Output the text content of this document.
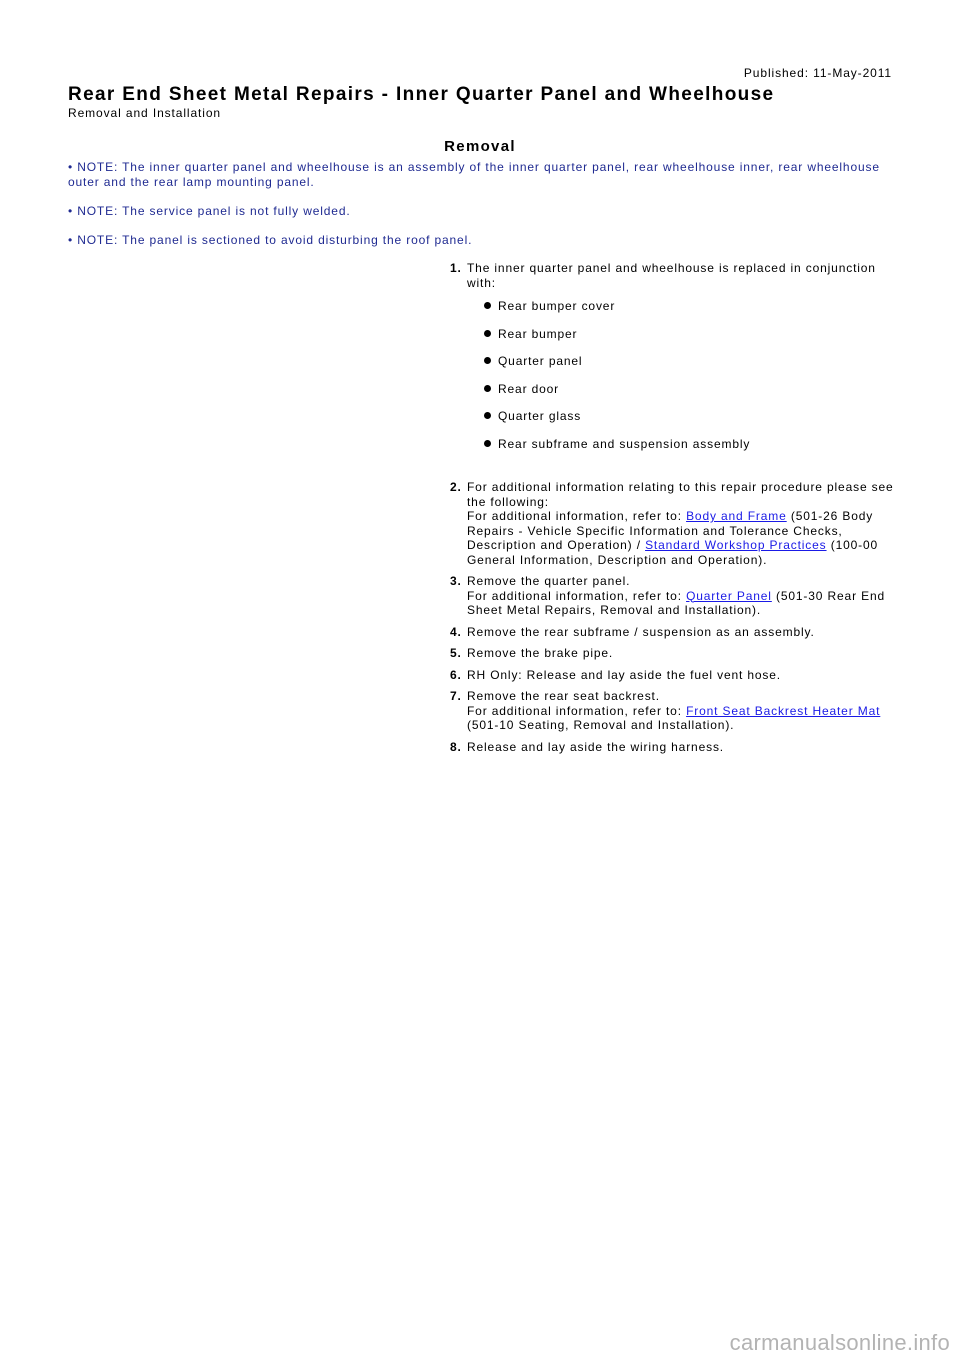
Published: 11-May-2011
Rear End Sheet Metal Repairs - Inner Quarter Panel and Wheelhouse
Removal and Installation
Removal

• NOTE: The inner quarter panel and wheelhouse is an assembly of the inner quarter panel, rear wheelhouse inner, rear wheelhouse outer and the rear lamp mounting panel.

• NOTE: The service panel is not fully welded.

• NOTE: The panel is sectioned to avoid disturbing the roof panel.

1. The inner quarter panel and wheelhouse is replaced in conjunction with:
Rear bumper cover
Rear bumper
Quarter panel
Rear door
Quarter glass
Rear subframe and suspension assembly
2. For additional information relating to this repair procedure please see the following:
For additional information, refer to: Body and Frame (501-26 Body Repairs - Vehicle Specific Information and Tolerance Checks, Description and Operation) / Standard Workshop Practices (100-00 General Information, Description and Operation).
3. Remove the quarter panel.
For additional information, refer to: Quarter Panel (501-30 Rear End Sheet Metal Repairs, Removal and Installation).
4. Remove the rear subframe / suspension as an assembly.
5. Remove the brake pipe.
6. RH Only: Release and lay aside the fuel vent hose.
7. Remove the rear seat backrest.
For additional information, refer to: Front Seat Backrest Heater Mat (501-10 Seating, Removal and Installation).
8. Release and lay aside the wiring harness.
carmanualsonline.info
